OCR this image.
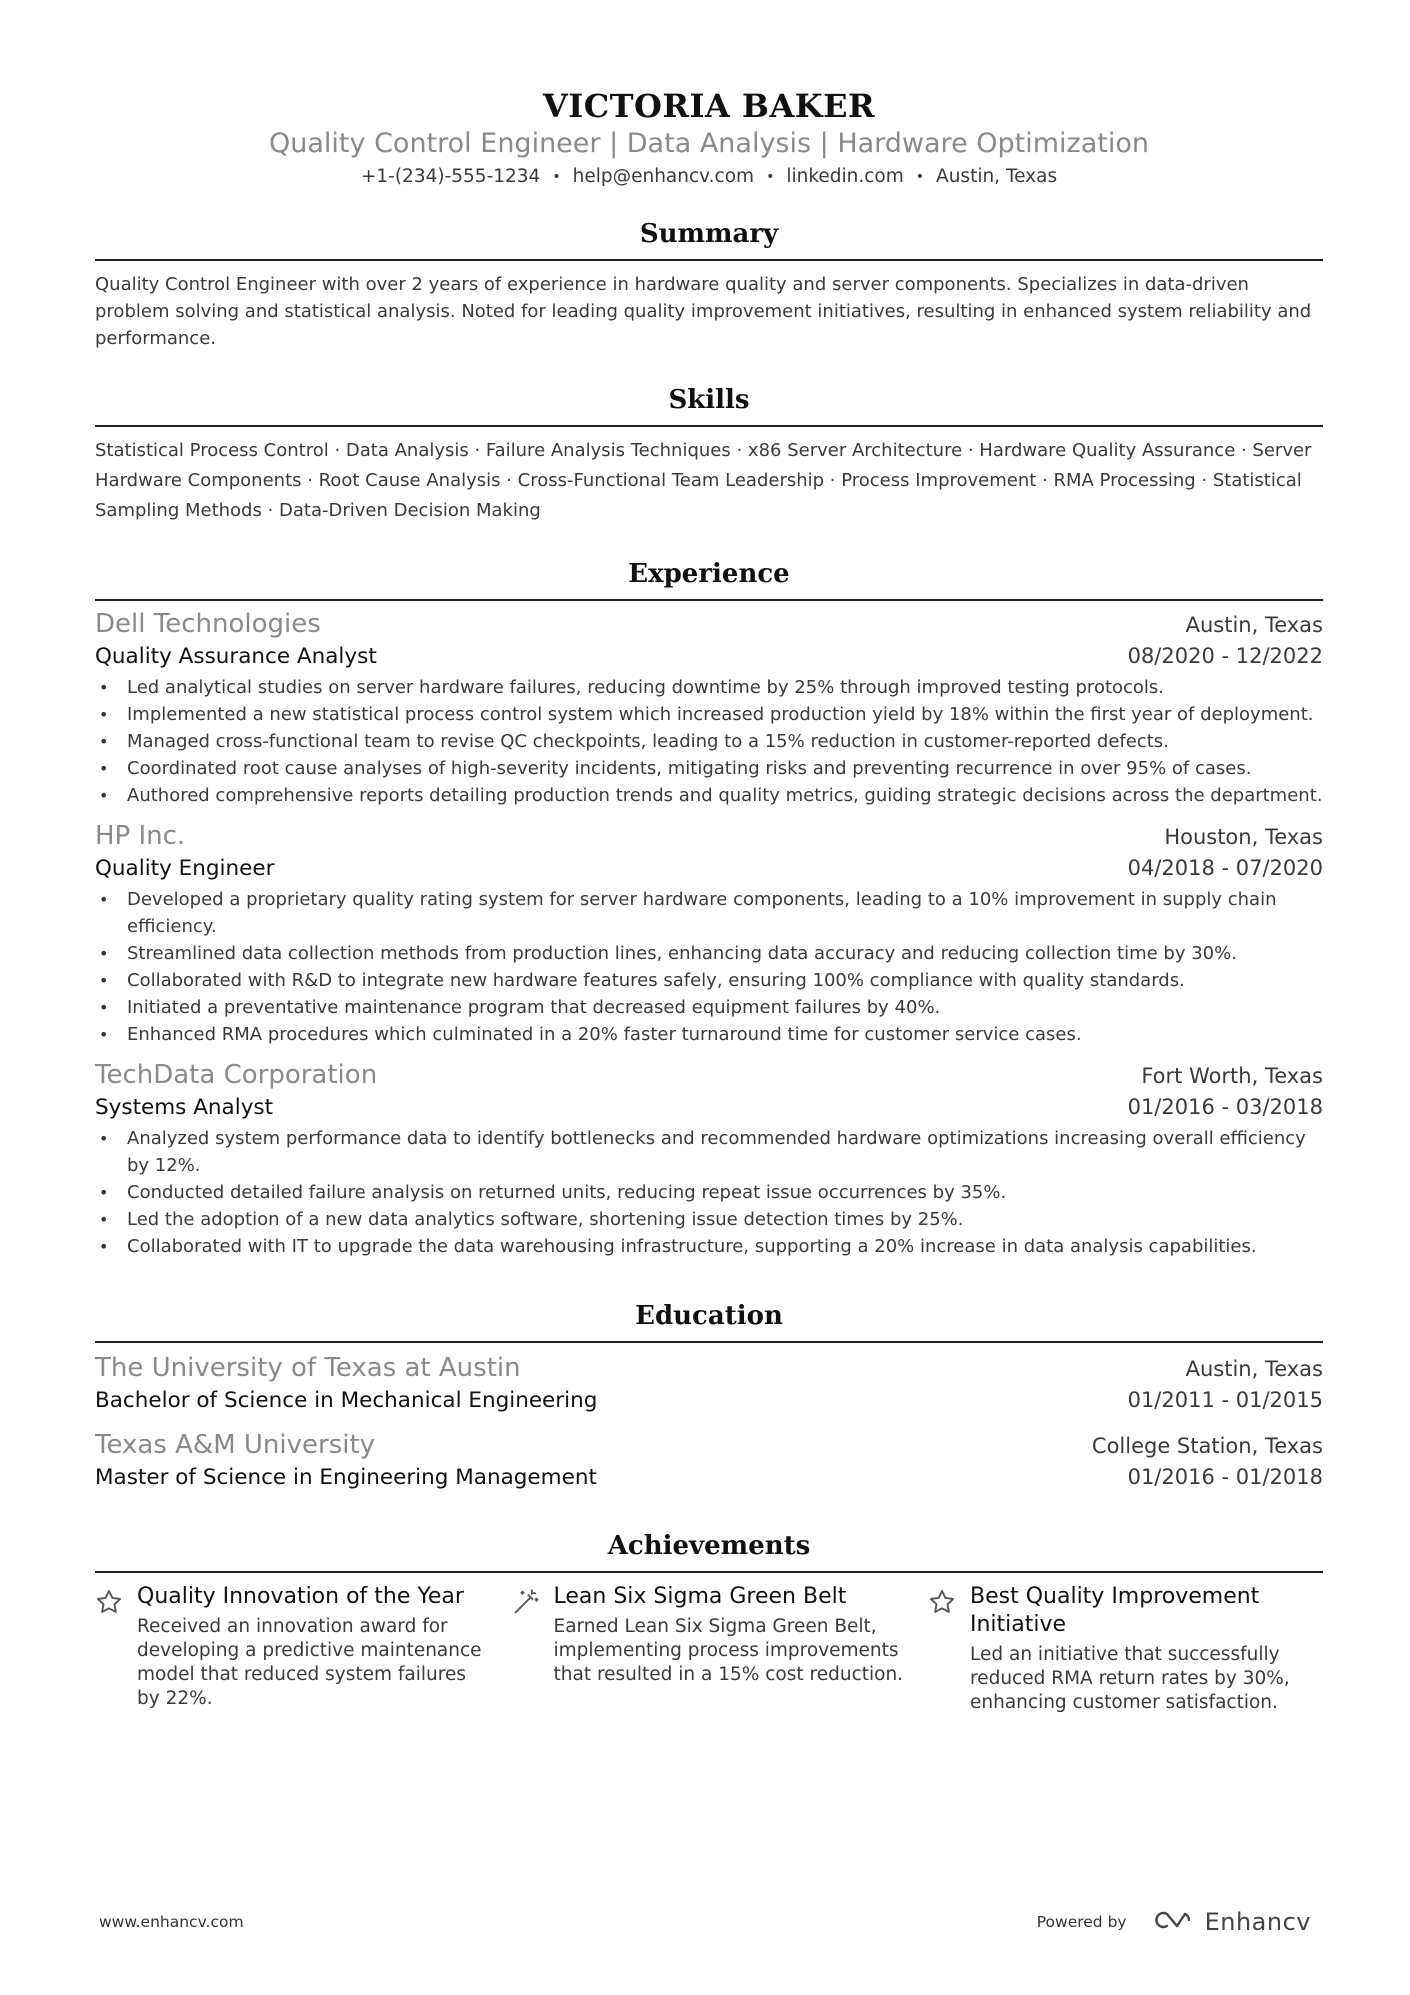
VICTORIA BAKER
Quality Control Engineer | Data Analysis | Hardware Optimization
+1-(234)-555-1234 • help@enhancv.com • linkedin.com • Austin, Texas
Summary
Quality Control Engineer with over 2 years of experience in hardware quality and server components. Specializes in data-driven problem solving and statistical analysis. Noted for leading quality improvement initiatives, resulting in enhanced system reliability and performance.
Skills
Statistical Process Control · Data Analysis · Failure Analysis Techniques · x86 Server Architecture · Hardware Quality Assurance · Server Hardware Components · Root Cause Analysis · Cross-Functional Team Leadership · Process Improvement · RMA Processing · Statistical Sampling Methods · Data-Driven Decision Making
Experience
Dell Technologies	Austin, Texas
Quality Assurance Analyst	08/2020 - 12/2022
• Led analytical studies on server hardware failures, reducing downtime by 25% through improved testing protocols.
• Implemented a new statistical process control system which increased production yield by 18% within the first year of deployment.
• Managed cross-functional team to revise QC checkpoints, leading to a 15% reduction in customer-reported defects.
• Coordinated root cause analyses of high-severity incidents, mitigating risks and preventing recurrence in over 95% of cases.
• Authored comprehensive reports detailing production trends and quality metrics, guiding strategic decisions across the department.
HP Inc.	Houston, Texas
Quality Engineer	04/2018 - 07/2020
• Developed a proprietary quality rating system for server hardware components, leading to a 10% improvement in supply chain efficiency.
• Streamlined data collection methods from production lines, enhancing data accuracy and reducing collection time by 30%.
• Collaborated with R&D to integrate new hardware features safely, ensuring 100% compliance with quality standards.
• Initiated a preventative maintenance program that decreased equipment failures by 40%.
• Enhanced RMA procedures which culminated in a 20% faster turnaround time for customer service cases.
TechData Corporation	Fort Worth, Texas
Systems Analyst	01/2016 - 03/2018
• Analyzed system performance data to identify bottlenecks and recommended hardware optimizations increasing overall efficiency by 12%.
• Conducted detailed failure analysis on returned units, reducing repeat issue occurrences by 35%.
• Led the adoption of a new data analytics software, shortening issue detection times by 25%.
• Collaborated with IT to upgrade the data warehousing infrastructure, supporting a 20% increase in data analysis capabilities.
Education
The University of Texas at Austin	Austin, Texas
Bachelor of Science in Mechanical Engineering	01/2011 - 01/2015
Texas A&M University	College Station, Texas
Master of Science in Engineering Management	01/2016 - 01/2018
Achievements
Quality Innovation of the Year
Received an innovation award for developing a predictive maintenance model that reduced system failures by 22%.
Lean Six Sigma Green Belt
Earned Lean Six Sigma Green Belt, implementing process improvements that resulted in a 15% cost reduction.
Best Quality Improvement Initiative
Led an initiative that successfully reduced RMA return rates by 30%, enhancing customer satisfaction.
www.enhancv.com	Powered by	Enhancv
